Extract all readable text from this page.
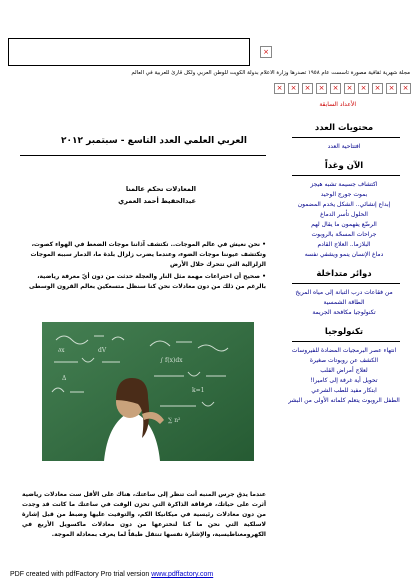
×
مجلة شهرية ثقافية مصورة تاسست عام ١٩٥٨ تصدرها وزارة الاعلام بدولة الكويت للوطن العربي ولكل قارئ للعربية في العالم
×	×	×	×	×	×	×	×	×	×
الأعداد السابقة
محتويات العدد
افتتاحية العدد
الآن وغداً
اكتشاف جسيمة تشبه هيجز
بموت جورج الوحيد
إبداع إنشائي.. الشكل يخدم المضمون
الحلول تأسر الدماغ
الرضّع يفهمون ما يقال لهم
جراحات المسحّة بالروبوت
البلازما.. العلاج القادم
دماغ الإنسان ينمو ويشفي نفسه
دوائر متداخلة
من فقاعات درب التبانة إلى مياه المريخ
الطاقة الشمسية
تكنولوجيا مكافحة الجريمة
تكنولوجيا
انتهاء عصر البرمجيات المضادة للفيروسات
الكشف عن روبوتات صغيرة
لعلاج أمراض القلب
تحويل أية غرفة إلى كاميرا!
ابتكار مفيد للطب الشرعي
الطفل الروبوت يتعلم كلماته الأولى من البشر
العربي العلمي العدد التاسع - سبتمبر ٢٠١٢
المعادلات تحكم عالمنا
عبدالحفيظ أحمد العمري

• نحن نعيش في عالم الموجات.. تكتشف آذاننا موجات الضغط في الهواء كصوت، وتكتشف عيوننا موجات الضوء، وعندما يضرب زلزال بلدة ما، الدمار سببه الموجات الزلزالية التي تتحرك خلال الأرض

• صحيح أن اختراعات مهمة مثل النار والعجلة حدثت من دون أيّ معرفة رياضية، بالرغم من ذلك من دون معادلات نحن كنا سنظل متسعكين بعالم القرون الوسطى

∂x	dV
∫ f(x)dx
k=1
∑ n²
Δ
عندما يدق جرس المنبه أنت تنظر إلى ساعتك، هناك على الأقل ست معادلات رياضية أثرت على حياتك، فرقاقة الذاكرة التي تخزن الوقت في ساعتك ما كانت قد وجدت من دون معادلات رئيسية في ميكانيكا الكم، والتوقيت عليها وضبط من قبل إشارة لاسلكية التي نحن ما كنا لنخترعها من دون معادلات ماكسويل الأربع في الكهرومغناطيسية، والإشارة نفسها تنتقل طبقاً لما يعرف بمعادلة الموجة.
PDF created with pdfFactory Pro trial version www.pdffactory.com
